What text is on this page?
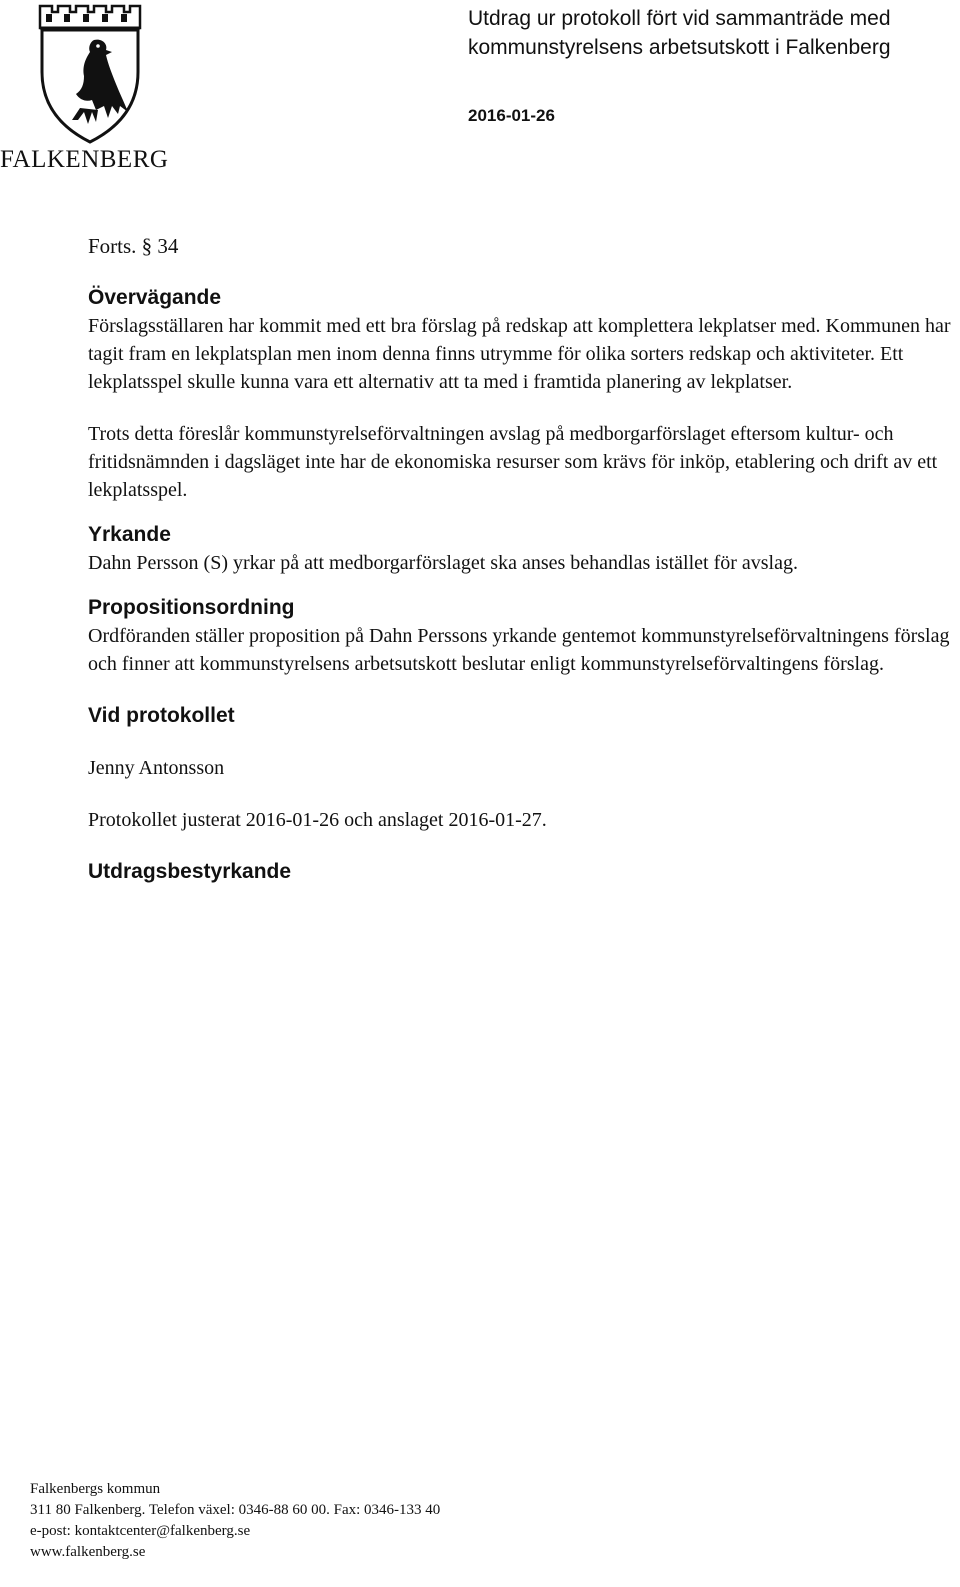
FALKENBERG
Utdrag ur protokoll fört vid sammanträde med
kommunstyrelsens arbetsutskott i Falkenberg
2016-01-26

Forts. § 34

Övervägande

Förslagsställaren har kommit med ett bra förslag på redskap att komplettera lekplatser med. Kommunen har tagit fram en lekplatsplan men inom denna finns utrymme för olika sorters redskap och aktiviteter. Ett lekplatsspel skulle kunna vara ett alternativ att ta med i framtida planering av lekplatser.

Trots detta föreslår kommunstyrelseförvaltningen avslag på medborgarförslaget eftersom kultur- och fritidsnämnden i dagsläget inte har de ekonomiska resurser som krävs för inköp, etablering och drift av ett lekplatsspel.

Yrkande

Dahn Persson (S) yrkar på att medborgarförslaget ska anses behandlas istället för avslag.

Propositionsordning

Ordföranden ställer proposition på Dahn Perssons yrkande gentemot kommunstyrelseförvaltningens förslag och finner att kommunstyrelsens arbetsutskott beslutar enligt kommunstyrelseförvaltingens förslag.

Vid protokollet

Jenny Antonsson

Protokollet justerat 2016-01-26 och anslaget 2016-01-27.

Utdragsbestyrkande
Falkenbergs kommun
311 80 Falkenberg. Telefon växel: 0346-88 60 00. Fax: 0346-133 40
e-post: kontaktcenter@falkenberg.se
www.falkenberg.se
